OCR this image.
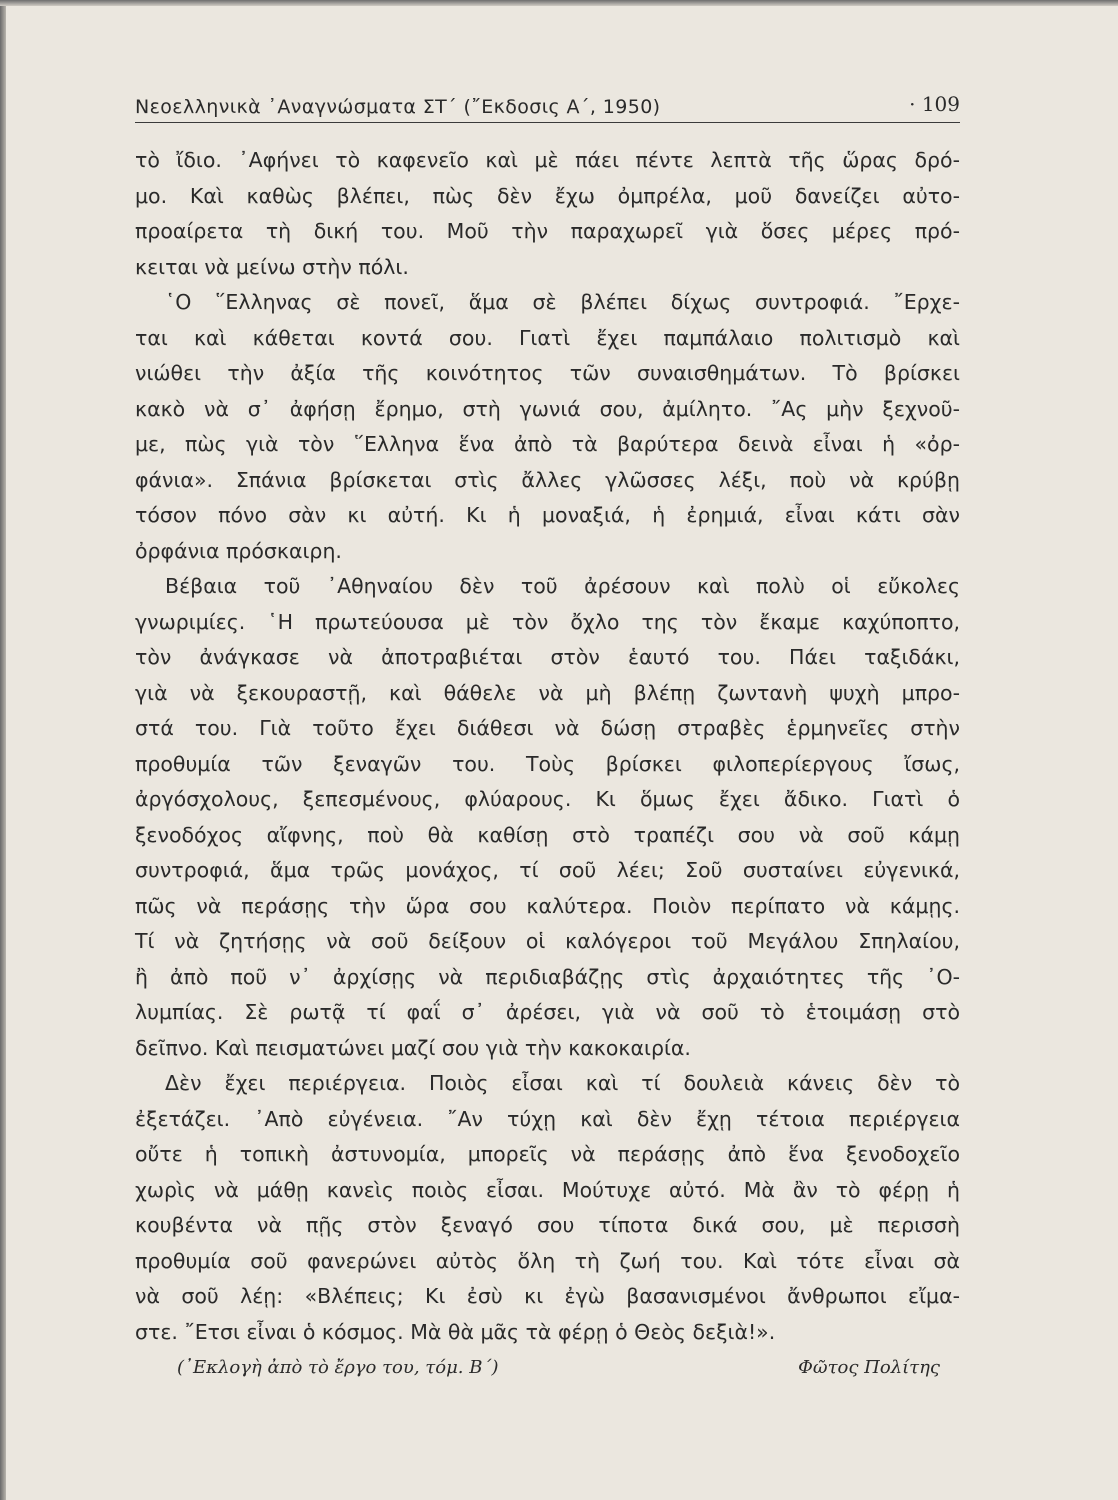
Νεοελληνικὰ ᾿Αναγνώσματα ΣΤ´ (῎Εκδοσις Α´, 1950)	· 109
τὸ ἴδιο. ᾿Αφήνει τὸ καφενεῖο καὶ μὲ πάει πέντε λεπτὰ τῆς ὥρας δρό-
μο. Καὶ καθὼς βλέπει, πὼς δὲν ἔχω ὀμπρέλα, μοῦ δανείζει αὐτο-
προαίρετα τὴ δική του. Μοῦ τὴν παραχωρεῖ γιὰ ὅσες μέρες πρό-
κειται νὰ μείνω στὴν πόλι.
῾Ο ῞Ελληνας σὲ πονεῖ, ἅμα σὲ βλέπει δίχως συντροφιά. ῎Ερχε-
ται καὶ κάθεται κοντά σου. Γιατὶ ἔχει παμπάλαιο πολιτισμὸ καὶ
νιώθει τὴν ἀξία τῆς κοινότητος τῶν συναισθημάτων. Τὸ βρίσκει
κακὸ νὰ σ᾿ ἀφήσῃ ἔρημο, στὴ γωνιά σου, ἀμίλητο. ῎Ας μὴν ξεχνοῦ-
με, πὼς γιὰ τὸν ῞Ελληνα ἕνα ἀπὸ τὰ βαρύτερα δεινὰ εἶναι ἡ «ὀρ-
φάνια». Σπάνια βρίσκεται στὶς ἄλλες γλῶσσες λέξι, ποὺ νὰ κρύβῃ
τόσον πόνο σὰν κι αὐτή. Κι ἡ μοναξιά, ἡ ἐρημιά, εἶναι κάτι σὰν
ὀρφάνια πρόσκαιρη.
Βέβαια τοῦ ᾿Αθηναίου δὲν τοῦ ἀρέσουν καὶ πολὺ οἱ εὔκολες
γνωριμίες. ῾Η πρωτεύουσα μὲ τὸν ὄχλο της τὸν ἔκαμε καχύποπτο,
τὸν ἀνάγκασε νὰ ἀποτραβιέται στὸν ἑαυτό του. Πάει ταξιδάκι,
γιὰ νὰ ξεκουραστῇ, καὶ θάθελε νὰ μὴ βλέπῃ ζωντανὴ ψυχὴ μπρο-
στά του. Γιὰ τοῦτο ἔχει διάθεσι νὰ δώσῃ στραβὲς ἑρμηνεῖες στὴν
προθυμία τῶν ξεναγῶν του. Τοὺς βρίσκει φιλοπερίεργους ἴσως,
ἀργόσχολους, ξεπεσμένους, φλύαρους. Κι ὅμως ἔχει ἄδικο. Γιατὶ ὁ
ξενοδόχος αἴφνης, ποὺ θὰ καθίσῃ στὸ τραπέζι σου νὰ σοῦ κάμῃ
συντροφιά, ἅμα τρῶς μονάχος, τί σοῦ λέει; Σοῦ συσταίνει εὐγενικά,
πῶς νὰ περάσῃς τὴν ὥρα σου καλύτερα. Ποιὸν περίπατο νὰ κάμῃς.
Τί νὰ ζητήσῃς νὰ σοῦ δείξουν οἱ καλόγεροι τοῦ Μεγάλου Σπηλαίου,
ἢ ἀπὸ ποῦ ν᾿ ἀρχίσῃς νὰ περιδιαβάζῃς στὶς ἀρχαιότητες τῆς ᾿Ο-
λυμπίας. Σὲ ρωτᾷ τί φαΐ σ᾿ ἀρέσει, γιὰ νὰ σοῦ τὸ ἑτοιμάσῃ στὸ
δεῖπνο. Καὶ πεισματώνει μαζί σου γιὰ τὴν κακοκαιρία.
Δὲν ἔχει περιέργεια. Ποιὸς εἶσαι καὶ τί δουλειὰ κάνεις δὲν τὸ
ἐξετάζει. ᾿Απὸ εὐγένεια. ῎Αν τύχῃ καὶ δὲν ἔχῃ τέτοια περιέργεια
οὔτε ἡ τοπικὴ ἀστυνομία, μπορεῖς νὰ περάσῃς ἀπὸ ἕνα ξενοδοχεῖο
χωρὶς νὰ μάθῃ κανεὶς ποιὸς εἶσαι. Μούτυχε αὐτό. Μὰ ἂν τὸ φέρῃ ἡ
κουβέντα νὰ πῇς στὸν ξεναγό σου τίποτα δικά σου, μὲ περισσὴ
προθυμία σοῦ φανερώνει αὐτὸς ὅλη τὴ ζωή του. Καὶ τότε εἶναι σὰ
νὰ σοῦ λέῃ: «Βλέπεις; Κι ἐσὺ κι ἐγὼ βασανισμένοι ἄνθρωποι εἴμα-
στε. ῎Ετσι εἶναι ὁ κόσμος. Μὰ θὰ μᾶς τὰ φέρῃ ὁ Θεὸς δεξιὰ!».
(᾿Εκλογὴ ἀπὸ τὸ ἔργο του, τόμ. Β´)	Φῶτος Πολίτης
